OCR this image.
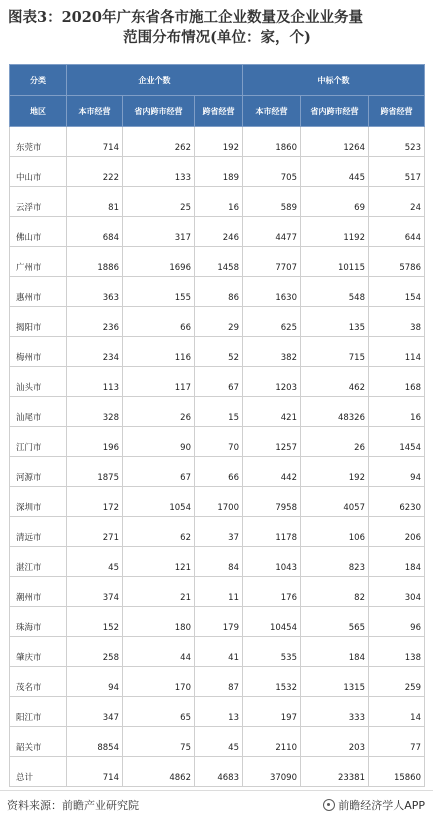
图表3：2020年广东省各市施工企业数量及企业业务量
范围分布情况(单位：家，个)
分类	企业个数			中标个数		
地区	本市经营	省内跨市经营	跨省经营	本市经营	省内跨市经营	跨省经营
东莞市	714	262	192	1860	1264	523
中山市	222	133	189	705	445	517
云浮市	81	25	16	589	69	24
佛山市	684	317	246	4477	1192	644
广州市	1886	1696	1458	7707	10115	5786
惠州市	363	155	86	1630	548	154
揭阳市	236	66	29	625	135	38
梅州市	234	116	52	382	715	114
汕头市	113	117	67	1203	462	168
汕尾市	328	26	15	421	48326	16
江门市	196	90	70	1257	26	1454
河源市	1875	67	66	442	192	94
深圳市	172	1054	1700	7958	4057	6230
清远市	271	62	37	1178	106	206
湛江市	45	121	84	1043	823	184
潮州市	374	21	11	176	82	304
珠海市	152	180	179	10454	565	96
肇庆市	258	44	41	535	184	138
茂名市	94	170	87	1532	1315	259
阳江市	347	65	13	197	333	14
韶关市	8854	75	45	2110	203	77
总计	714	4862	4683	37090	23381	15860
资料来源：前瞻产业研究院	前瞻经济学人APP
